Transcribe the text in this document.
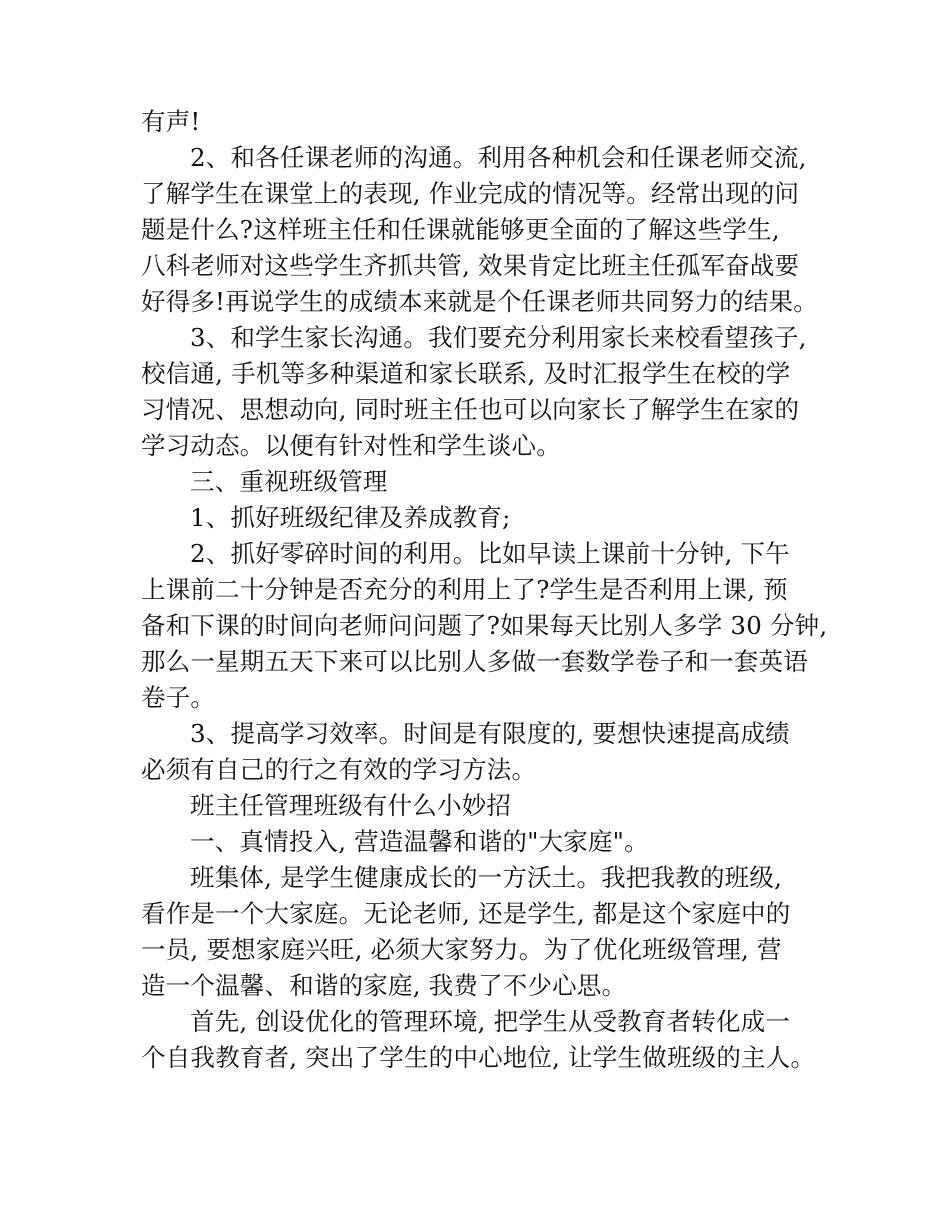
有声!
2、和各任课老师的沟通。利用各种机会和任课老师交流,
了解学生在课堂上的表现, 作业完成的情况等。经常出现的问
题是什么?这样班主任和任课就能够更全面的了解这些学生,
八科老师对这些学生齐抓共管, 效果肯定比班主任孤军奋战要
好得多!再说学生的成绩本来就是个任课老师共同努力的结果。
3、和学生家长沟通。我们要充分利用家长来校看望孩子,
校信通, 手机等多种渠道和家长联系, 及时汇报学生在校的学
习情况、思想动向, 同时班主任也可以向家长了解学生在家的
学习动态。以便有针对性和学生谈心。
三、重视班级管理
1、抓好班级纪律及养成教育;
2、抓好零碎时间的利用。比如早读上课前十分钟, 下午
上课前二十分钟是否充分的利用上了?学生是否利用上课, 预
备和下课的时间向老师问问题了?如果每天比别人多学 30 分钟,
那么一星期五天下来可以比别人多做一套数学卷子和一套英语
卷子。
3、提高学习效率。时间是有限度的, 要想快速提高成绩
必须有自己的行之有效的学习方法。
班主任管理班级有什么小妙招
一、真情投入, 营造温馨和谐的"大家庭"。
班集体, 是学生健康成长的一方沃土。我把我教的班级,
看作是一个大家庭。无论老师, 还是学生, 都是这个家庭中的
一员, 要想家庭兴旺, 必须大家努力。为了优化班级管理, 营
造一个温馨、和谐的家庭, 我费了不少心思。
首先, 创设优化的管理环境, 把学生从受教育者转化成一
个自我教育者, 突出了学生的中心地位, 让学生做班级的主人。
